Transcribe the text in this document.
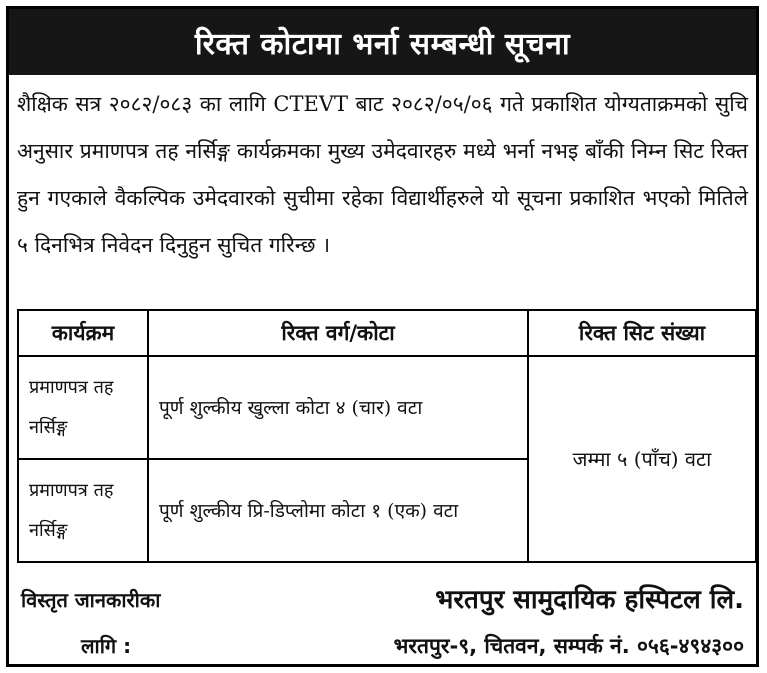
रिक्त कोटामा भर्ना सम्बन्धी सूचना
शैक्षिक सत्र २०८२/०८३ का लागि CTEVT बाट २०८२/०५/०६ गते प्रकाशित योग्यताक्रमको सुचि अनुसार प्रमाणपत्र तह नर्सिङ्ग कार्यक्रमका मुख्य उमेदवारहरु मध्ये भर्ना नभइ बाँकी निम्न सिट रिक्त हुन गएकाले वैकल्पिक उमेदवारको सुचीमा रहेका विद्यार्थीहरुले यो सूचना प्रकाशित भएको मितिले ५ दिनभित्र निवेदन दिनुहुन सुचित गरिन्छ ।
कार्यक्रम	रिक्त वर्ग/कोटा	रिक्त सिट संख्या
प्रमाणपत्र तह नर्सिङ्ग	पूर्ण शुल्कीय खुल्ला कोटा ४ (चार) वटा	जम्मा ५ (पाँच) वटा
प्रमाणपत्र तह नर्सिङ्ग	पूर्ण शुल्कीय प्रि-डिप्लोमा कोटा १ (एक) वटा	
विस्तृत जानकारीका
लागि :
भरतपुर सामुदायिक हस्पिटल लि.
भरतपुर-९, चितवन, सम्पर्क नं. ०५६-४९४३००
